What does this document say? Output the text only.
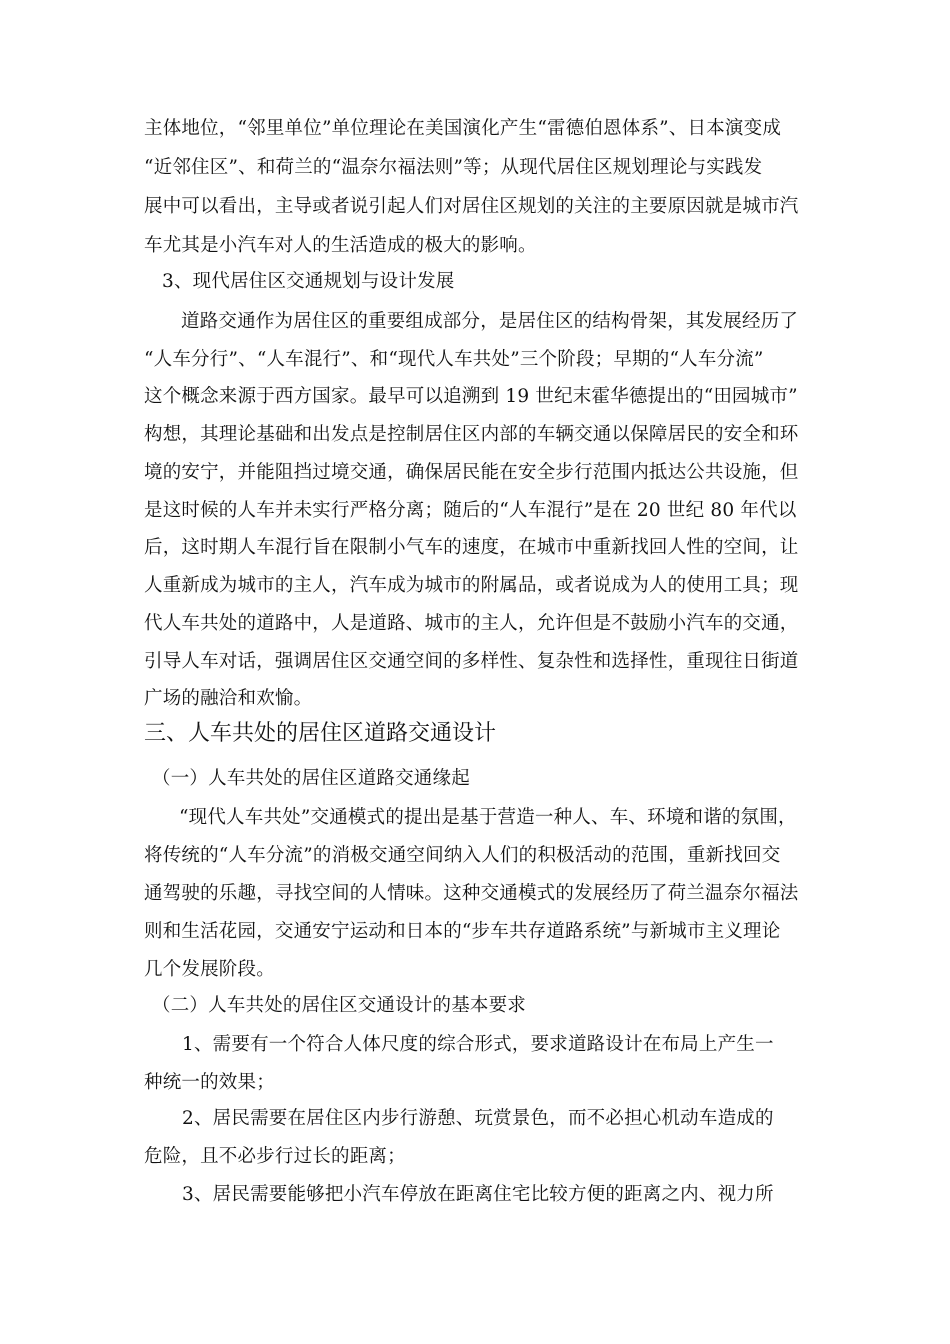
主体地位，“邻里单位”单位理论在美国演化产生“雷德伯恩体系”、日本演变成
“近邻住区”、和荷兰的“温奈尔福法则”等；从现代居住区规划理论与实践发
展中可以看出，主导或者说引起人们对居住区规划的关注的主要原因就是城市汽
车尤其是小汽车对人的生活造成的极大的影响。
3、现代居住区交通规划与设计发展
道路交通作为居住区的重要组成部分，是居住区的结构骨架，其发展经历了
“人车分行”、“人车混行”、和“现代人车共处”三个阶段；早期的“人车分流”
这个概念来源于西方国家。最早可以追溯到 19 世纪末霍华德提出的“田园城市”
构想，其理论基础和出发点是控制居住区内部的车辆交通以保障居民的安全和环
境的安宁，并能阻挡过境交通，确保居民能在安全步行范围内抵达公共设施，但
是这时候的人车并未实行严格分离；随后的“人车混行”是在 20 世纪 80 年代以
后，这时期人车混行旨在限制小气车的速度，在城市中重新找回人性的空间，让
人重新成为城市的主人，汽车成为城市的附属品，或者说成为人的使用工具；现
代人车共处的道路中，人是道路、城市的主人，允许但是不鼓励小汽车的交通，
引导人车对话，强调居住区交通空间的多样性、复杂性和选择性，重现往日街道
广场的融洽和欢愉。
三、人车共处的居住区道路交通设计
（一）人车共处的居住区道路交通缘起
“现代人车共处”交通模式的提出是基于营造一种人、车、环境和谐的氛围，
将传统的“人车分流”的消极交通空间纳入人们的积极活动的范围，重新找回交
通驾驶的乐趣，寻找空间的人情味。这种交通模式的发展经历了荷兰温奈尔福法
则和生活花园，交通安宁运动和日本的“步车共存道路系统”与新城市主义理论
几个发展阶段。
（二）人车共处的居住区交通设计的基本要求
1、需要有一个符合人体尺度的综合形式，要求道路设计在布局上产生一
种统一的效果；
2、居民需要在居住区内步行游憩、玩赏景色，而不必担心机动车造成的
危险，且不必步行过长的距离；
3、居民需要能够把小汽车停放在距离住宅比较方便的距离之内、视力所
